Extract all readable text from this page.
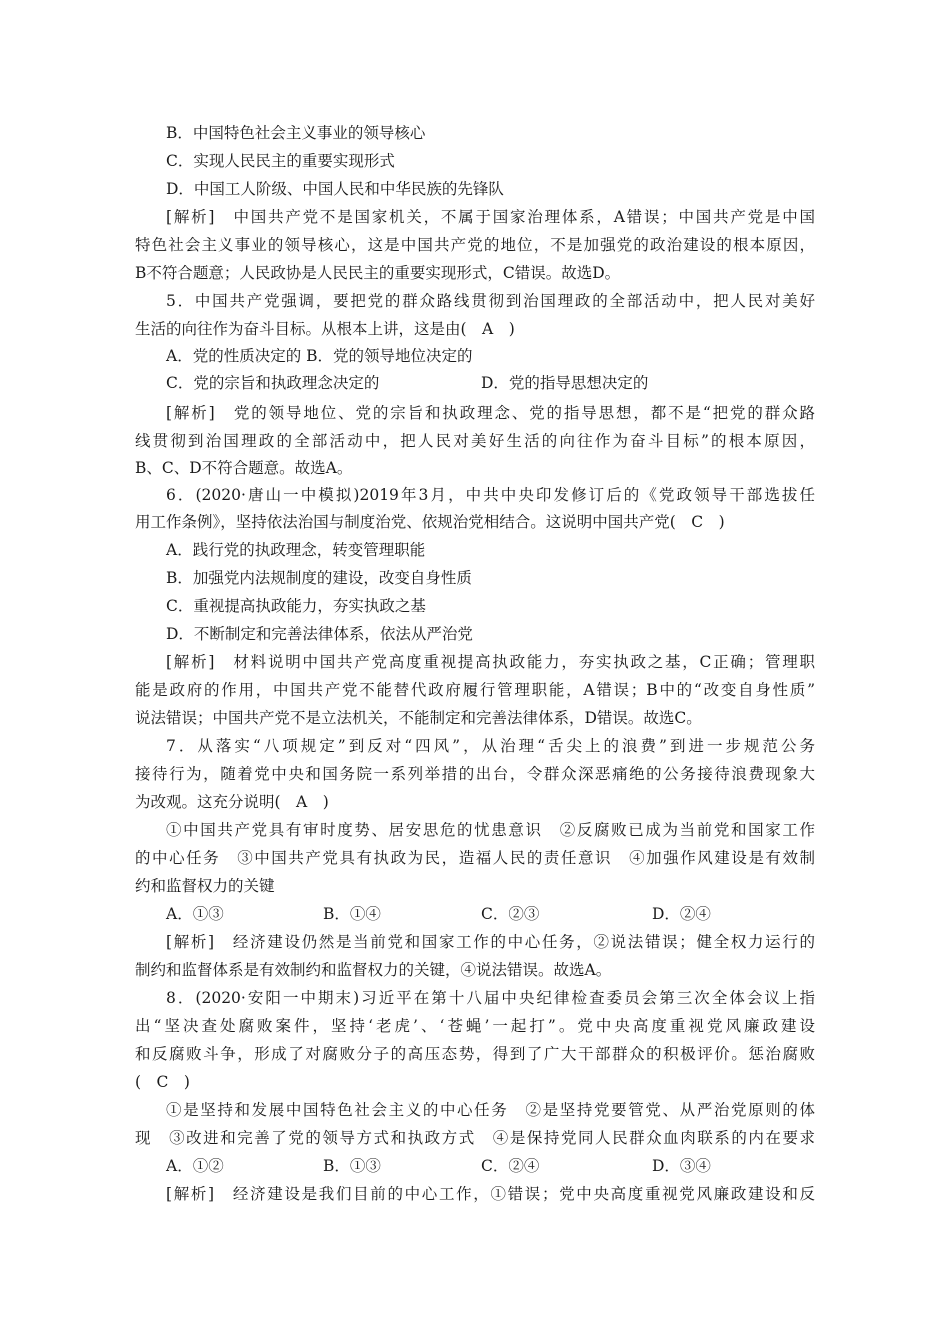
B．中国特色社会主义事业的领导核心
C．实现人民民主的重要实现形式
D．中国工人阶级、中国人民和中华民族的先锋队
[解析]　中国共产党不是国家机关，不属于国家治理体系，A错误；中国共产党是中国
特色社会主义事业的领导核心，这是中国共产党的地位，不是加强党的政治建设的根本原因，
B不符合题意；人民政协是人民民主的重要实现形式，C错误。故选D。
5．中国共产党强调，要把党的群众路线贯彻到治国理政的全部活动中，把人民对美好
生活的向往作为奋斗目标。从根本上讲，这是由(　A　)
A．党的性质决定的 B．党的领导地位决定的
C．党的宗旨和执政理念决定的	D．党的指导思想决定的
[解析]　党的领导地位、党的宗旨和执政理念、党的指导思想，都不是“把党的群众路
线贯彻到治国理政的全部活动中，把人民对美好生活的向往作为奋斗目标”的根本原因，
B、C、D不符合题意。故选A。
6．(2020·唐山一中模拟)2019年3月，中共中央印发修订后的《党政领导干部选拔任
用工作条例》，坚持依法治国与制度治党、依规治党相结合。这说明中国共产党(　C　)
A．践行党的执政理念，转变管理职能
B．加强党内法规制度的建设，改变自身性质
C．重视提高执政能力，夯实执政之基
D．不断制定和完善法律体系，依法从严治党
[解析]　材料说明中国共产党高度重视提高执政能力，夯实执政之基，C正确；管理职
能是政府的作用，中国共产党不能替代政府履行管理职能，A错误；B中的“改变自身性质”
说法错误；中国共产党不是立法机关，不能制定和完善法律体系，D错误。故选C。
7．从落实“八项规定”到反对“四风”，从治理“舌尖上的浪费”到进一步规范公务
接待行为，随着党中央和国务院一系列举措的出台，令群众深恶痛绝的公务接待浪费现象大
为改观。这充分说明(　A　)
①中国共产党具有审时度势、居安思危的忧患意识　②反腐败已成为当前党和国家工作
的中心任务　③中国共产党具有执政为民，造福人民的责任意识　④加强作风建设是有效制
约和监督权力的关键
A．①③	B．①④	C．②③	D．②④
[解析]　经济建设仍然是当前党和国家工作的中心任务，②说法错误；健全权力运行的
制约和监督体系是有效制约和监督权力的关键，④说法错误。故选A。
8．(2020·安阳一中期末)习近平在第十八届中央纪律检查委员会第三次全体会议上指
出“坚决查处腐败案件，坚持‘老虎’、‘苍蝇’一起打”。党中央高度重视党风廉政建设
和反腐败斗争，形成了对腐败分子的高压态势，得到了广大干部群众的积极评价。惩治腐败
(　C　)
①是坚持和发展中国特色社会主义的中心任务　②是坚持党要管党、从严治党原则的体
现　③改进和完善了党的领导方式和执政方式　④是保持党同人民群众血肉联系的内在要求
A．①②	B．①③	C．②④	D．③④
[解析]　经济建设是我们目前的中心工作，①错误；党中央高度重视党风廉政建设和反
